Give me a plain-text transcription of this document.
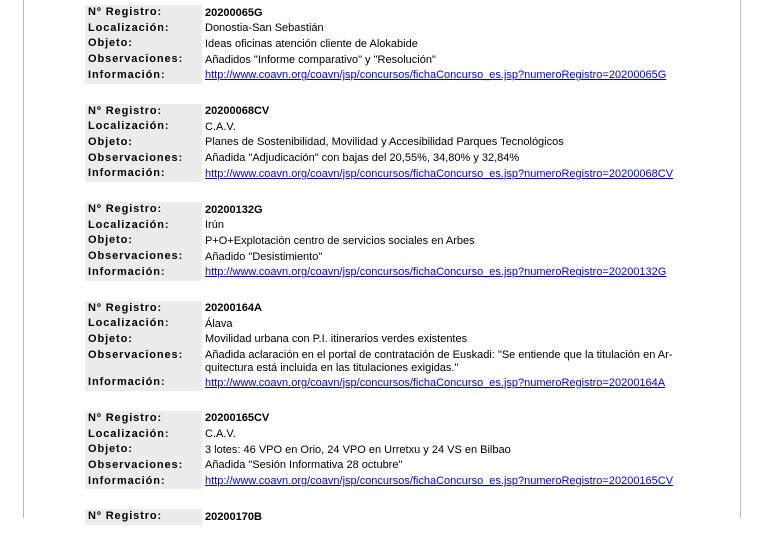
Nº Registro:	20200065G
Localización:	Donostia-San Sebastián
Objeto:	Ideas oficinas atención cliente de Alokabide
Observaciones:	Añadidos "Informe comparativo" y "Resolución"
Información:	http://www.coavn.org/coavn/jsp/concursos/fichaConcurso_es.jsp?numeroRegistro=20200065G
Nº Registro:	20200068CV
Localización:	C.A.V.
Objeto:	Planes de Sostenibilidad, Movilidad y Accesibilidad Parques Tecnológicos
Observaciones:	Añadida "Adjudicación" con bajas del 20,55%, 34,80% y 32,84%
Información:	http://www.coavn.org/coavn/jsp/concursos/fichaConcurso_es.jsp?numeroRegistro=20200068CV
Nº Registro:	20200132G
Localización:	Irún
Objeto:	P+O+Explotación centro de servicios sociales en Arbes
Observaciones:	Añadido "Desistimiento"
Información:	http://www.coavn.org/coavn/jsp/concursos/fichaConcurso_es.jsp?numeroRegistro=20200132G
Nº Registro:	20200164A
Localización:	Álava
Objeto:	Movilidad urbana con P.I. itinerarios verdes existentes
Observaciones:	Añadida aclaración en el portal de contratación de Euskadi: "Se entiende que la titulación en Ar-quitectura está incluida en las titulaciones exigidas."
Información:	http://www.coavn.org/coavn/jsp/concursos/fichaConcurso_es.jsp?numeroRegistro=20200164A
Nº Registro:	20200165CV
Localización:	C.A.V.
Objeto:	3 lotes: 46 VPO en Orio, 24 VPO en Urretxu y 24 VS en Bilbao
Observaciones:	Añadida "Sesión Informativa 28 octubre"
Información:	http://www.coavn.org/coavn/jsp/concursos/fichaConcurso_es.jsp?numeroRegistro=20200165CV
Nº Registro:	20200170B
